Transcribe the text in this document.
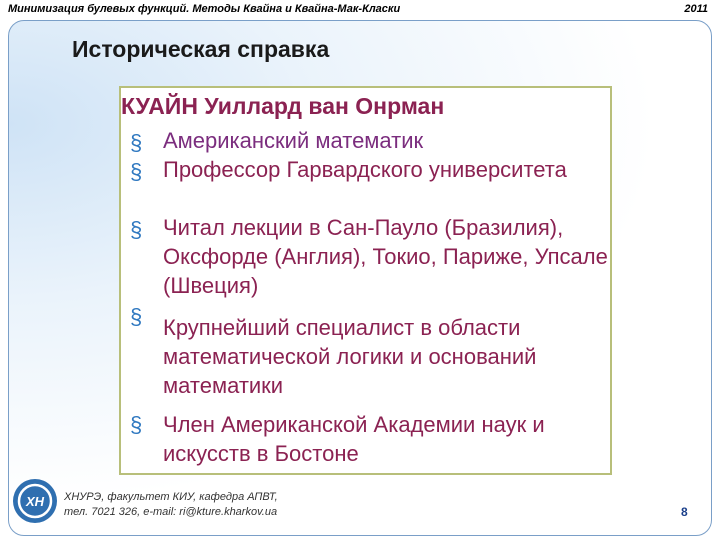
Минимизация булевых функций. Методы Квайна и Квайна-Мак-Класки	2011
Историческая справка
КУАЙН Уиллард ван Онрман
§ Американский математик
§ Профессор Гарвардского университета
§ Читал лекции в Сан-Пауло (Бразилия), Оксфорде (Англия), Токио, Париже, Упсале (Швеция)
§ Крупнейший специалист в области математической логики и оснований математики
§ Член Американской Академии наук и искусств в Бостоне
ХН ХНУРЭ, факультет КИУ, кафедра АПВТ,
тел. 7021 326, e-mail: ri@kture.kharkov.ua	8
